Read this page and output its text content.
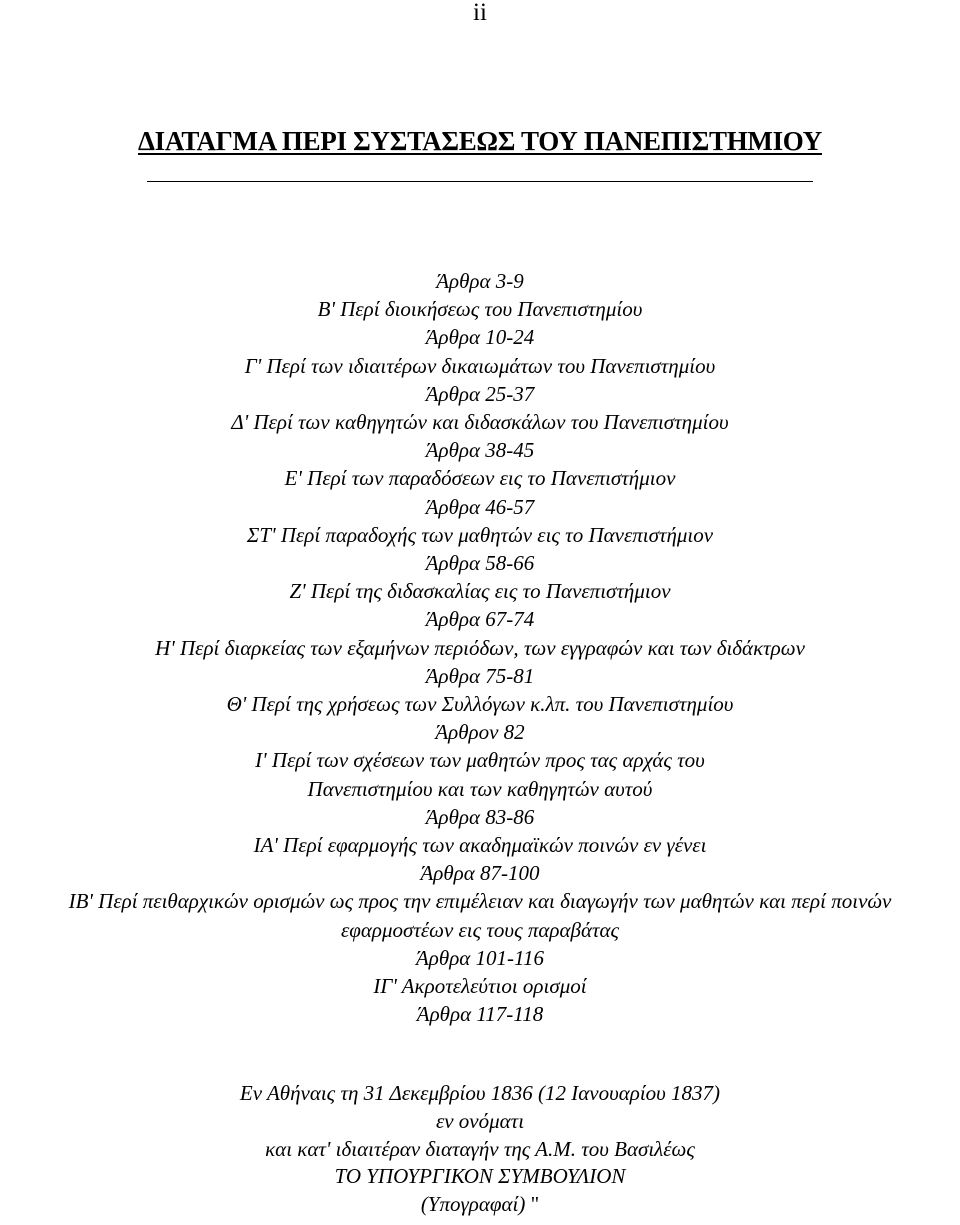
ii
ΔΙΑΤΑΓΜΑ ΠΕΡΙ ΣΥΣΤΑΣΕΩΣ ΤΟΥ ΠΑΝΕΠΙΣΤΗΜΙΟΥ
Άρθρα 3-9
Β' Περί διοικήσεως του Πανεπιστημίου
Άρθρα 10-24
Γ' Περί των ιδιαιτέρων δικαιωμάτων του Πανεπιστημίου
Άρθρα 25-37
Δ' Περί των καθηγητών και διδασκάλων του Πανεπιστημίου
Άρθρα 38-45
Ε' Περί των παραδόσεων εις το Πανεπιστήμιον
Άρθρα 46-57
ΣΤ' Περί παραδοχής των μαθητών εις το Πανεπιστήμιον
Άρθρα 58-66
Ζ' Περί της διδασκαλίας εις το Πανεπιστήμιον
Άρθρα 67-74
Η' Περί διαρκείας των εξαμήνων περιόδων, των εγγραφών και των διδάκτρων
Άρθρα 75-81
Θ' Περί της χρήσεως των Συλλόγων κ.λπ. του Πανεπιστημίου
Άρθρον 82
Ι' Περί των σχέσεων των μαθητών προς τας αρχάς του
Πανεπιστημίου και των καθηγητών αυτού
Άρθρα 83-86
ΙΑ' Περί εφαρμογής των ακαδημαϊκών ποινών εν γένει
Άρθρα 87-100
ΙΒ' Περί πειθαρχικών ορισμών ως προς την επιμέλειαν και διαγωγήν των μαθητών και περί ποινών
εφαρμοστέων εις τους παραβάτας
Άρθρα 101-116
ΙΓ' Ακροτελεύτιοι ορισμοί
Άρθρα 117-118
Εν Αθήναις τη 31 Δεκεμβρίου 1836 (12 Ιανουαρίου 1837)
εν ονόματι
και κατ' ιδιαιτέραν διαταγήν της Α.Μ. του Βασιλέως
ΤΟ ΥΠΟΥΡΓΙΚΟΝ ΣΥΜΒΟΥΛΙΟΝ
(Υπογραφαί) "
